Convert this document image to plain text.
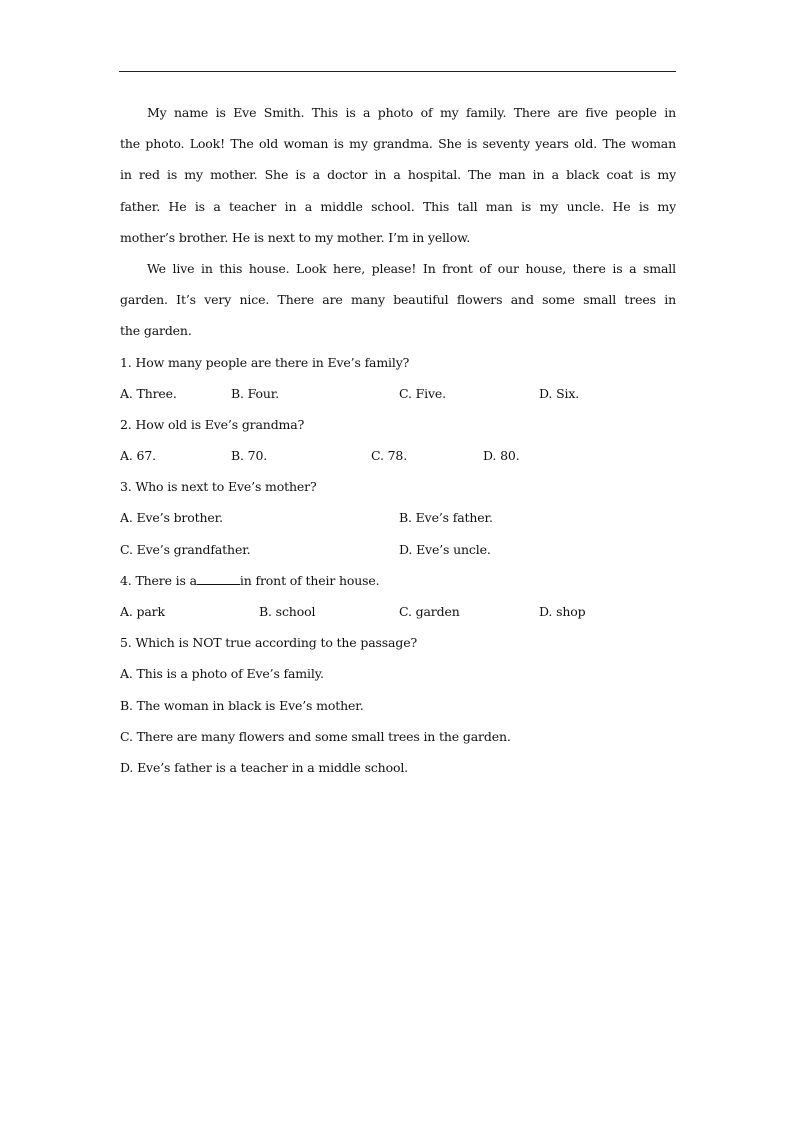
My name is Eve Smith. This is a photo of my family. There are five people in
the photo. Look! The old woman is my grandma. She is seventy years old. The woman
in red is my mother. She is a doctor in a hospital. The man in a black coat is my
father. He is a teacher in a middle school. This tall man is my uncle. He is my
mother’s brother. He is next to my mother. I’m in yellow.
We live in this house. Look here, please! In front of our house, there is a small
garden. It’s very nice. There are many beautiful flowers and some small trees in
the garden.
1. How many people are there in Eve’s family?
A. Three.	B. Four.	C. Five.	D. Six.
2. How old is Eve’s grandma?
A. 67.	B. 70.	C. 78.	D. 80.
3. Who is next to Eve’s mother?
A. Eve’s brother.	B. Eve’s father.
C. Eve’s grandfather.	D. Eve’s uncle.
4. There is a	in front of their house.
A. park	B. school	C. garden	D. shop
5. Which is NOT true according to the passage?
A. This is a photo of Eve’s family.
B. The woman in black is Eve’s mother.
C. There are many flowers and some small trees in the garden.
D. Eve’s father is a teacher in a middle school.
